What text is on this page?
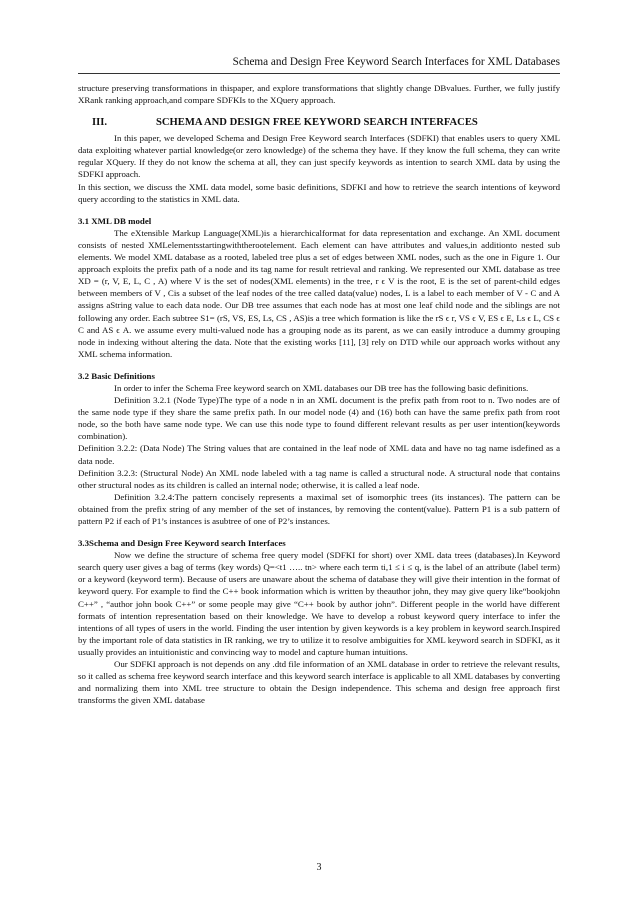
Schema and Design Free Keyword Search Interfaces for XML Databases

structure preserving transformations in thispaper, and explore transformations that slightly change DBvalues. Further, we fully justify XRank ranking approach,and compare SDFKIs to the XQuery approach.

III.	SCHEMA AND DESIGN FREE KEYWORD SEARCH INTERFACES

In this paper, we developed Schema and Design Free Keyword search Interfaces (SDFKI) that enables users to query XML data exploiting whatever partial knowledge(or zero knowledge) of the schema they have. If they know the full schema, they can write regular XQuery. If they do not know the schema at all, they can just specify keywords as intention to search XML data by using the SDFKI approach.

In this section, we discuss the XML data model, some basic definitions, SDFKI and how to retrieve the search intentions of keyword query according to the statistics in XML data.

3.1 XML DB model

The eXtensible Markup Language(XML)is a hierarchicalformat for data representation and exchange. An XML document consists of nested XMLelementsstartingwiththerootelement. Each element can have attributes and values,in additionto nested sub elements. We model XML database as a rooted, labeled tree plus a set of edges between XML nodes, such as the one in Figure 1. Our approach exploits the prefix path of a node and its tag name for result retrieval and ranking. We represented our XML database as tree XD = (r, V, E, L, C , A) where V is the set of nodes(XML elements) in the tree, r ϵ V is the root, E is the set of parent-child edges between members of V , Cis a subset of the leaf nodes of the tree called data(value) nodes, L is a label to each member of V - C and A assigns aString value to each data node. Our DB tree assumes that each node has at most one leaf child node and the siblings are not following any order. Each subtree S1= (rS, VS, ES, Ls, CS , AS)is a tree which formation is like the rS ϵ r, VS ϵ V, ES ϵ E, Ls ϵ L, CS ϵ C and AS ϵ A. we assume every multi-valued node has a grouping node as its parent, as we can easily introduce a dummy grouping node in indexing without altering the data. Note that the existing works [11], [3] rely on DTD while our approach works without any XML schema information.

3.2 Basic Definitions

In order to infer the Schema Free keyword search on XML databases our DB tree has the following basic definitions.

Definition 3.2.1 (Node Type)The type of a node n in an XML document is the prefix path from root to n. Two nodes are of the same node type if they share the same prefix path. In our model node (4) and (16) both can have the same prefix path from root node, so the both have same node type. We can use this node type to found different relevant results as per user intention(keywords combination).

Definition 3.2.2: (Data Node) The String values that are contained in the leaf node of XML data and have no tag name isdefined as a data node.

Definition 3.2.3: (Structural Node) An XML node labeled with a tag name is called a structural node. A structural node that contains other structural nodes as its children is called an internal node; otherwise, it is called a leaf node.

Definition 3.2.4:The pattern concisely represents a maximal set of isomorphic trees (its instances). The pattern can be obtained from the prefix string of any member of the set of instances, by removing the content(value). Pattern P1 is a sub pattern of pattern P2 if each of P1’s instances is asubtree of one of P2’s instances.

3.3Schema and Design Free Keyword search Interfaces

Now we define the structure of schema free query model (SDFKI for short) over XML data trees (databases).In Keyword search query user gives a bag of terms (key words) Q=<t1 ….. tn> where each term ti,1 ≤ i ≤ q, is the label of an attribute (label term) or a keyword (keyword term). Because of users are unaware about the schema of database they will give their intention in the format of keyword query. For example to find the C++ book information which is written by theauthor john, they may give query like“bookjohn C++” , “author john book C++” or some people may give “C++ book by author john”. Different people in the world have different formats of intention representation based on their knowledge. We have to develop a robust keyword query interface to infer the intentions of all types of users in the world. Finding the user intention by given keywords is a key problem in keyword search.Inspired by the important role of data statistics in IR ranking, we try to utilize it to resolve ambiguities for XML keyword search in SDFKI, as it usually provides an intuitionistic and convincing way to model and capture human intuitions.

Our SDFKI approach is not depends on any .dtd file information of an XML database in order to retrieve the relevant results, so it called as schema free keyword search interface and this keyword search interface is applicable to all XML databases by converting and normalizing them into XML tree structure to obtain the Design independence. This schema and design free approach first transforms the given XML database

3
